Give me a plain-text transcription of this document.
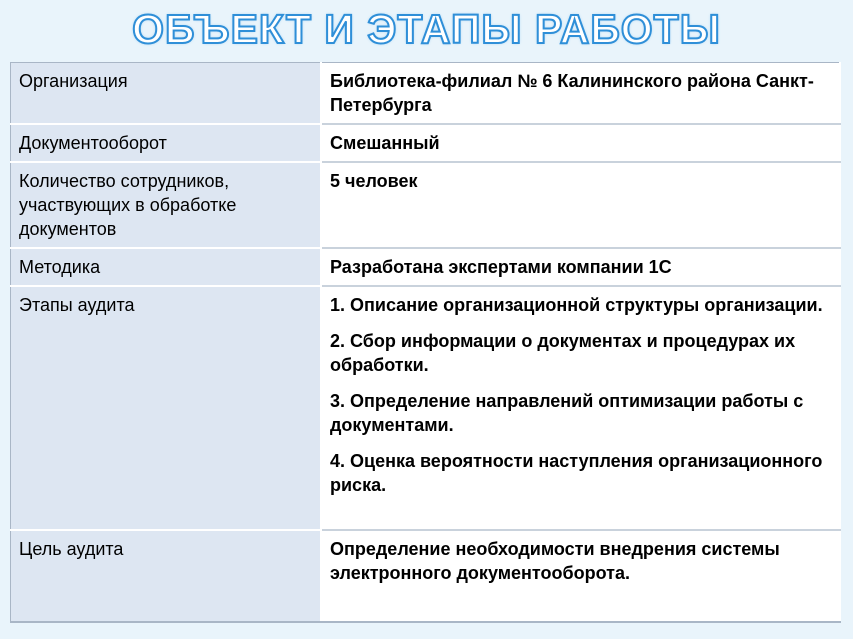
ОБЪЕКТ И ЭТАПЫ РАБОТЫ
Организация	Библиотека-филиал № 6 Калининского района Санкт-Петербурга
Документооборот	Смешанный
Количество сотрудников, участвующих в обработке документов	5 человек
Методика	Разработана экспертами компании 1С
Этапы аудита	1. Описание организационной структуры организации.
2. Сбор информации о документах и процедурах их обработки.
3. Определение направлений оптимизации работы с документами.
4. Оценка вероятности наступления организационного риска.

Цель аудита	Определение необходимости внедрения системы электронного документооборота.
